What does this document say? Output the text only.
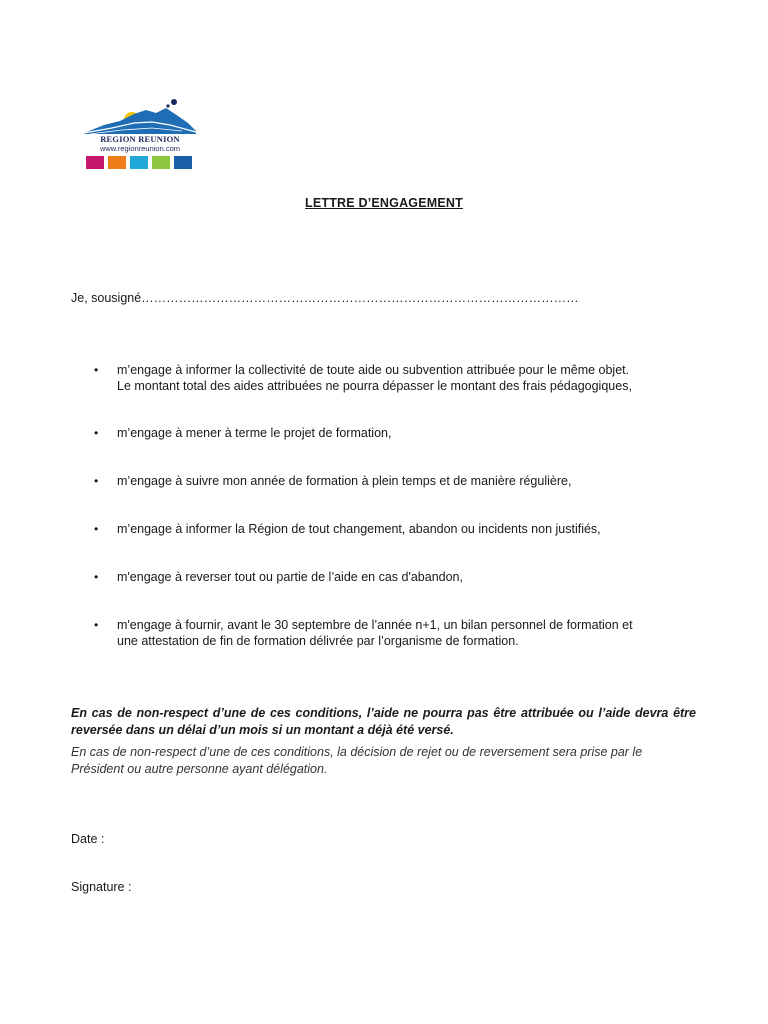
REGION REUNION
www.regionreunion.com
LETTRE D’ENGAGEMENT
Je, sousigné……………………………………………………………………………………………
• m’engage à informer la collectivité de toute aide ou subvention attribuée pour le même objet.
Le montant total des aides attribuées ne pourra dépasser le montant des frais pédagogiques,
• m’engage à mener à terme le projet de formation,
• m’engage à suivre mon année de formation à plein temps et de manière régulière,
• m’engage à informer la Région de tout changement, abandon ou incidents non justifiés,
• m'engage à reverser tout ou partie de l’aide en cas d'abandon,
• m'engage à fournir, avant le 30 septembre de l’année n+1, un bilan personnel de formation et
une attestation de fin de formation délivrée par l’organisme de formation.
En cas de non-respect d’une de ces conditions, l’aide ne pourra pas être attribuée ou l’aide devra être reversée dans un délai d’un mois si un montant a déjà été versé.
En cas de non-respect d’une de ces conditions, la décision de rejet ou de reversement sera prise par le Président ou autre personne ayant délégation.
Date :
Signature :
